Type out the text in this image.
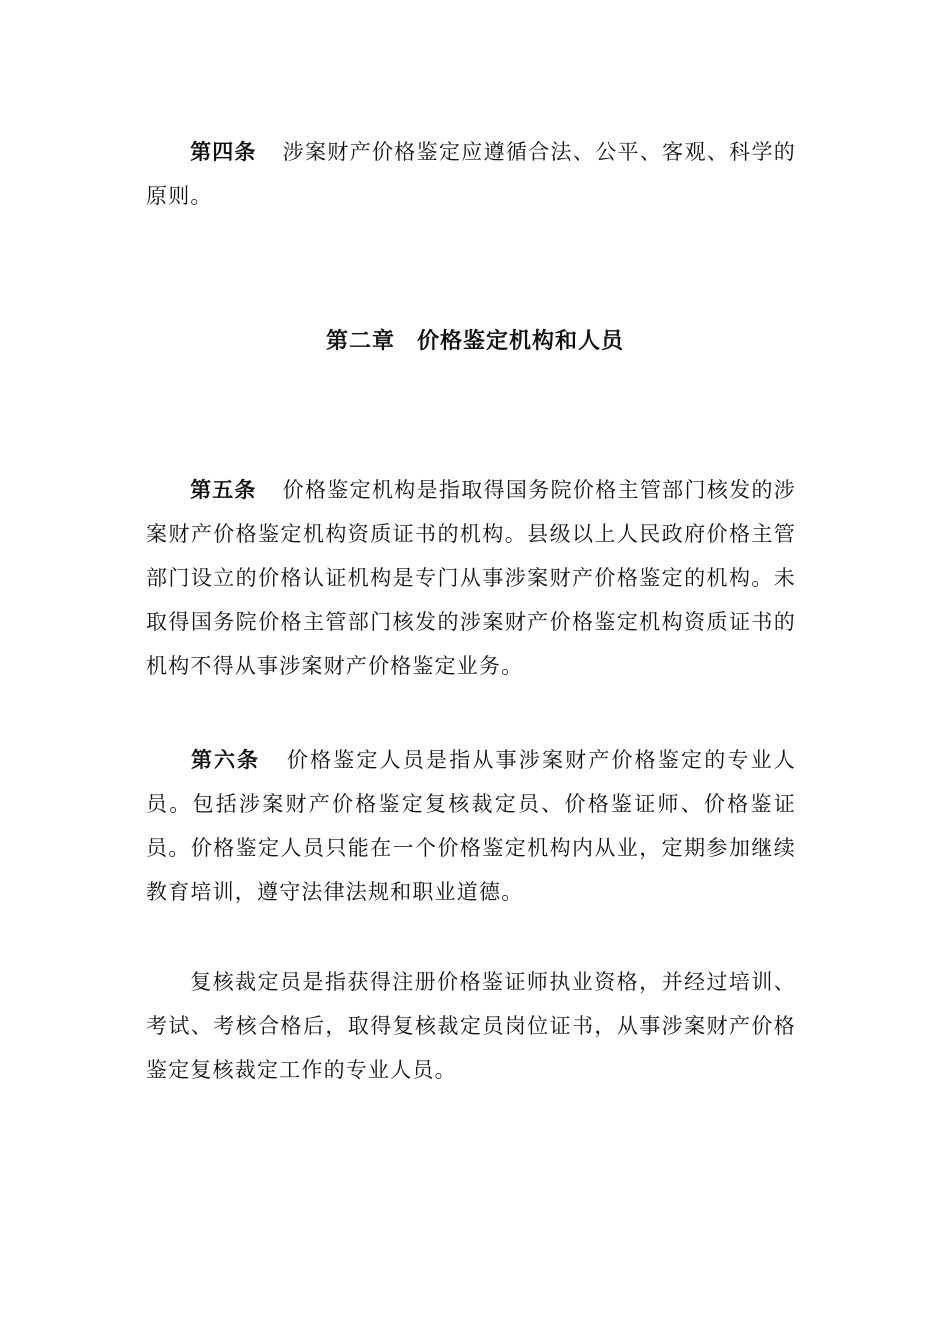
第四条 涉案财产价格鉴定应遵循合法、公平、客观、科学的原则。

第二章 价格鉴定机构和人员

第五条 价格鉴定机构是指取得国务院价格主管部门核发的涉案财产价格鉴定机构资质证书的机构。县级以上人民政府价格主管部门设立的价格认证机构是专门从事涉案财产价格鉴定的机构。未取得国务院价格主管部门核发的涉案财产价格鉴定机构资质证书的机构不得从事涉案财产价格鉴定业务。

第六条 价格鉴定人员是指从事涉案财产价格鉴定的专业人员。包括涉案财产价格鉴定复核裁定员、价格鉴证师、价格鉴证员。价格鉴定人员只能在一个价格鉴定机构内从业，定期参加继续教育培训，遵守法律法规和职业道德。

复核裁定员是指获得注册价格鉴证师执业资格，并经过培训、考试、考核合格后，取得复核裁定员岗位证书，从事涉案财产价格鉴定复核裁定工作的专业人员。
